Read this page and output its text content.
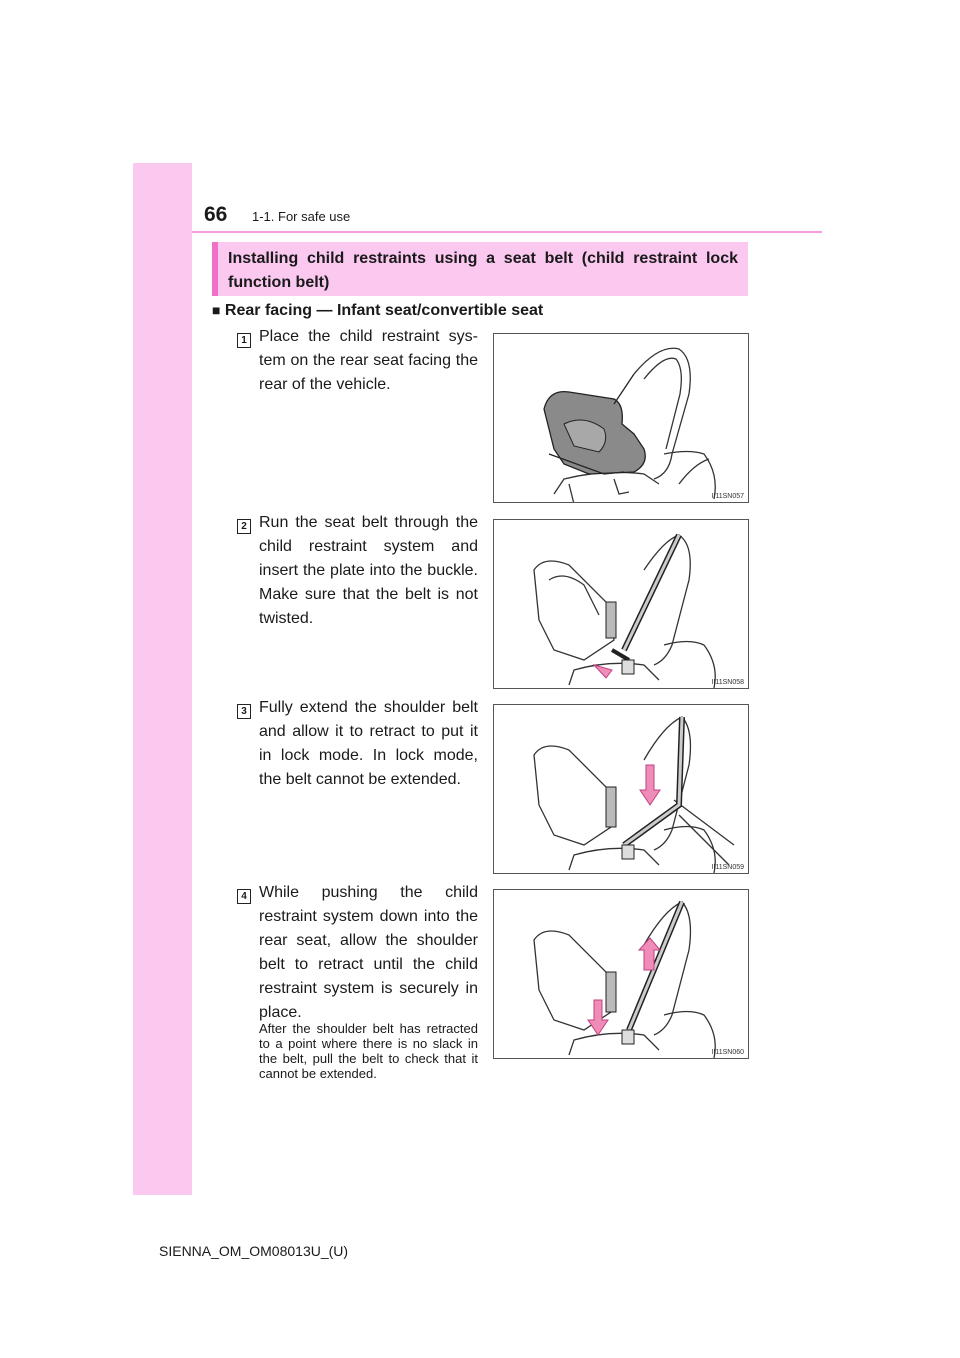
66 1-1. For safe use
Installing child restraints using a seat belt (child restraint lock function belt)
■ Rear facing — Infant seat/convertible seat
1 Place the child restraint sys-tem on the rear seat facing the rear of the vehicle.
II11SN057
2 Run the seat belt through the child restraint system and insert the plate into the buckle. Make sure that the belt is not twisted.
II11SN058
3 Fully extend the shoulder belt and allow it to retract to put it in lock mode. In lock mode, the belt cannot be extended.
II11SN059
4 While pushing the child restraint system down into the rear seat, allow the shoulder belt to retract until the child restraint system is securely in place.
II11SN060
After the shoulder belt has retracted to a point where there is no slack in the belt, pull the belt to check that it cannot be extended.
SIENNA_OM_OM08013U_(U)
